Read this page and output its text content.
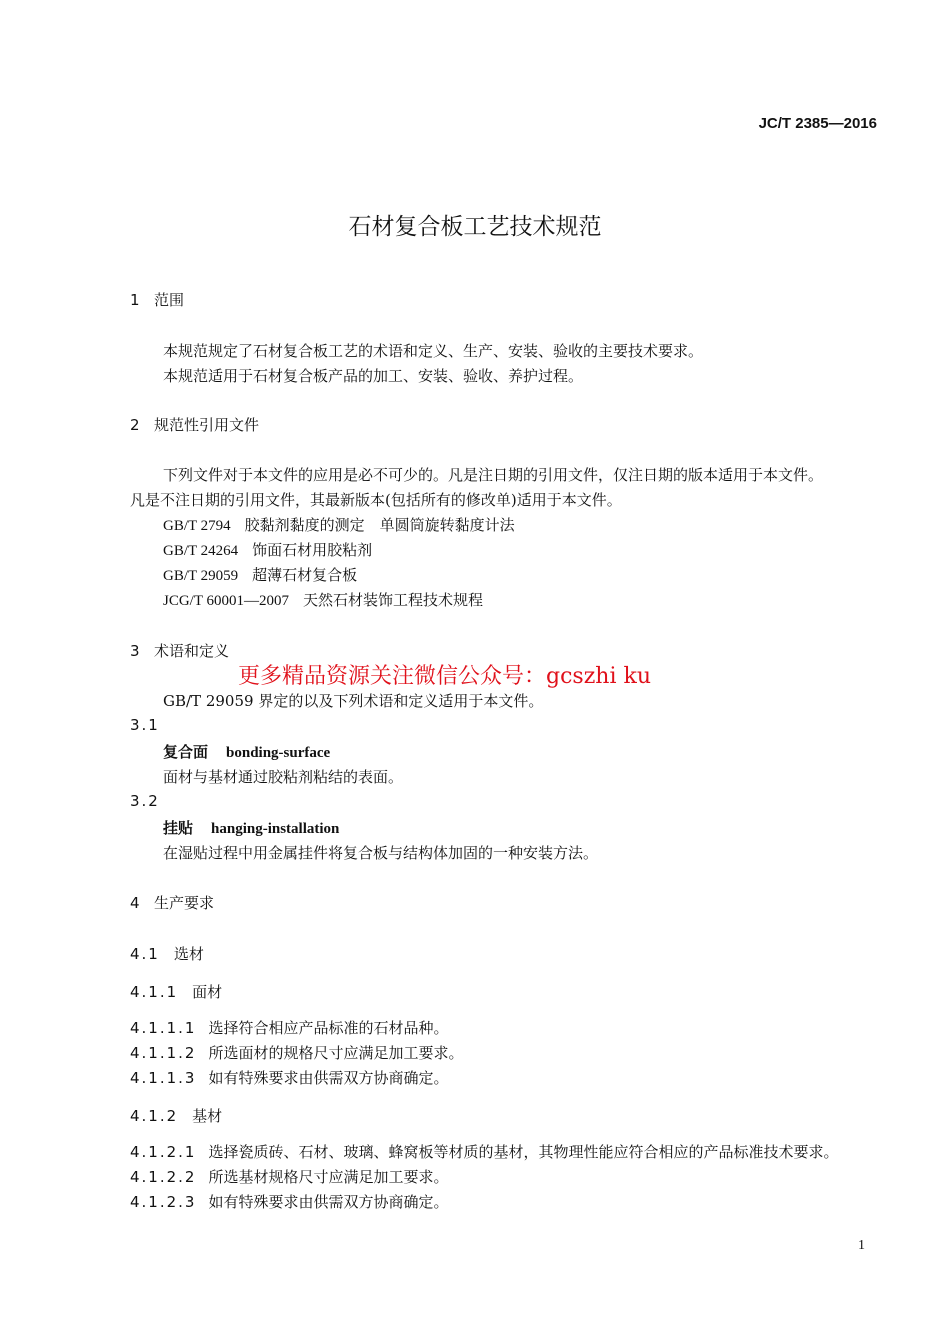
JC/T 2385—2016
石材复合板工艺技术规范
1 范围
本规范规定了石材复合板工艺的术语和定义、生产、安装、验收的主要技术要求。
本规范适用于石材复合板产品的加工、安装、验收、养护过程。
2 规范性引用文件
下列文件对于本文件的应用是必不可少的。凡是注日期的引用文件，仅注日期的版本适用于本文件。
凡是不注日期的引用文件，其最新版本(包括所有的修改单)适用于本文件。
GB/T 2794 胶黏剂黏度的测定　单圆筒旋转黏度计法
GB/T 24264 饰面石材用胶粘剂
GB/T 29059 超薄石材复合板
JCG/T 60001—2007 天然石材装饰工程技术规程
3 术语和定义
更多精品资源关注微信公众号：gcszhi ku
GB/T 29059 界定的以及下列术语和定义适用于本文件。
3.1
复合面 bonding-surface
面材与基材通过胶粘剂粘结的表面。
3.2
挂贴 hanging-installation
在湿贴过程中用金属挂件将复合板与结构体加固的一种安装方法。
4 生产要求
4.1 选材
4.1.1 面材
4.1.1.1 选择符合相应产品标准的石材品种。
4.1.1.2 所选面材的规格尺寸应满足加工要求。
4.1.1.3 如有特殊要求由供需双方协商确定。
4.1.2 基材
4.1.2.1 选择瓷质砖、石材、玻璃、蜂窝板等材质的基材，其物理性能应符合相应的产品标准技术要求。
4.1.2.2 所选基材规格尺寸应满足加工要求。
4.1.2.3 如有特殊要求由供需双方协商确定。
1
